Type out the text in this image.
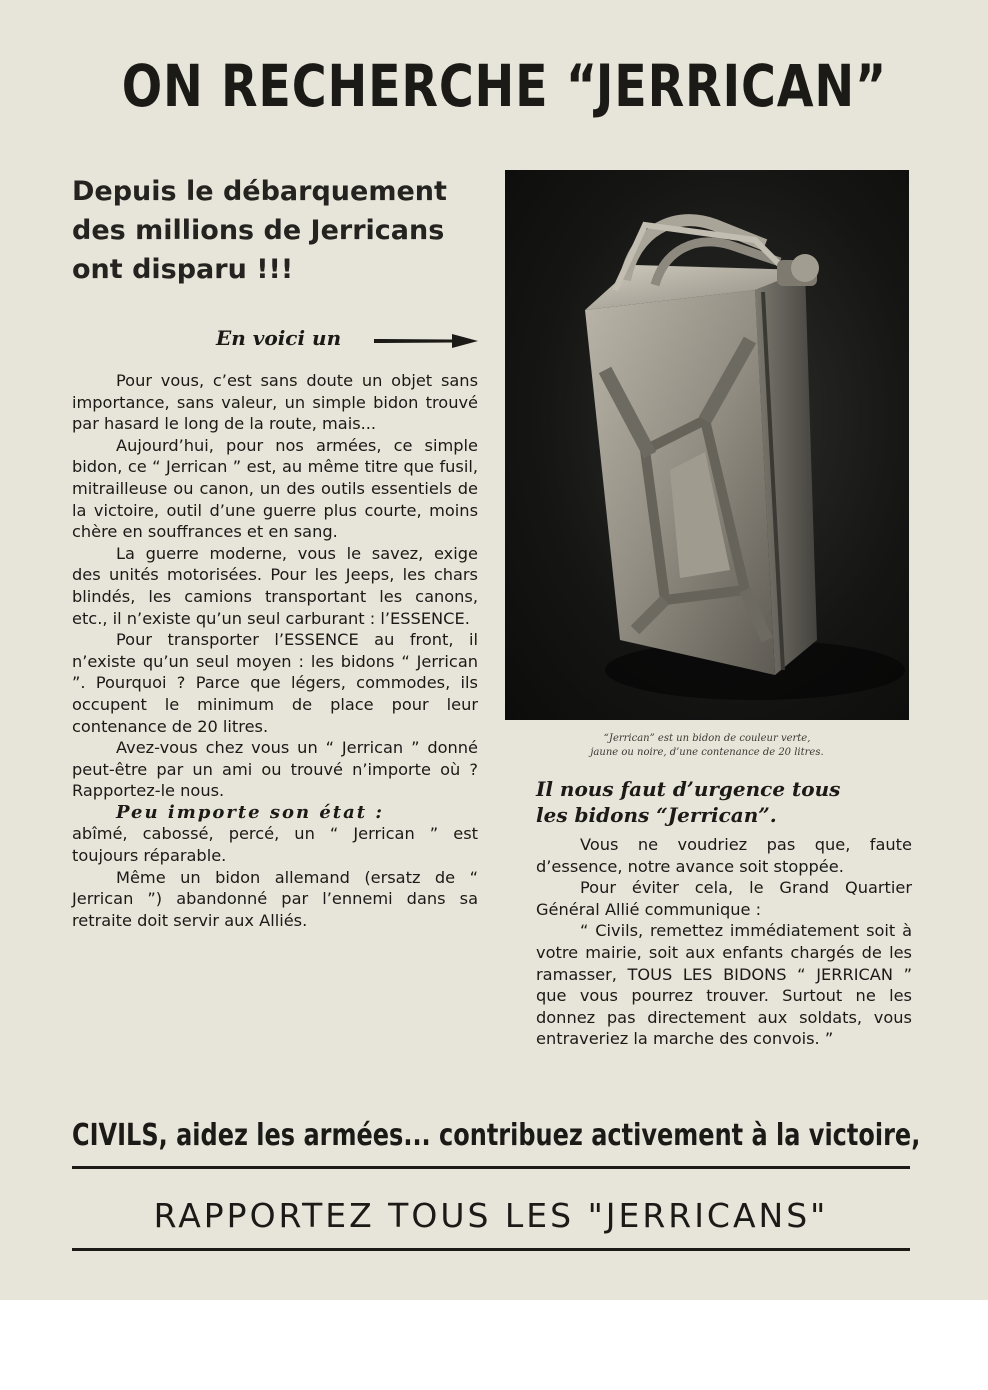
ON RECHERCHE “JERRICAN”
Depuis le débarquement
des millions de Jerricans
ont disparu !!!
En voici un

Pour vous, c’est sans doute un objet sans importance, sans valeur, un simple bidon trouvé par hasard le long de la route, mais...

Aujourd’hui, pour nos armées, ce simple bidon, ce “ Jerrican ” est, au même titre que fusil, mitrailleuse ou canon, un des outils essentiels de la victoire, outil d’une guerre plus courte, moins chère en souffrances et en sang.

La guerre moderne, vous le savez, exige des unités motorisées. Pour les Jeeps, les chars blindés, les camions transportant les canons, etc., il n’existe qu’un seul carburant : l’ESSENCE.

Pour transporter l’ESSENCE au front, il n’existe qu’un seul moyen : les bidons “ Jerrican ”. Pourquoi ? Parce que légers, commodes, ils occupent le minimum de place pour leur contenance de 20 litres.

Avez-vous chez vous un “ Jerrican ” donné peut-être par un ami ou trouvé n’importe où ? Rapportez-le nous.

Peu importe son état :

abîmé, cabossé, percé, un “ Jerrican ” est toujours réparable.

Même un bidon allemand (ersatz de “ Jerrican ”) abandonné par l’ennemi dans sa retraite doit servir aux Alliés.

“Jerrican” est un bidon de couleur verte,
jaune ou noire, d’une contenance de 20 litres.
Il nous faut d’urgence tous
les bidons “Jerrican”.

Vous ne voudriez pas que, faute d’essence, notre avance soit stoppée.

Pour éviter cela, le Grand Quartier Général Allié communique :

“ Civils, remettez immédiatement soit à votre mairie, soit aux enfants chargés de les ramasser, TOUS LES BIDONS “ JERRICAN ” que vous pourrez trouver. Surtout ne les donnez pas directement aux soldats, vous entraveriez la marche des convois. ”

CIVILS, aidez les armées... contribuez activement à la victoire,
RAPPORTEZ TOUS LES "JERRICANS"
